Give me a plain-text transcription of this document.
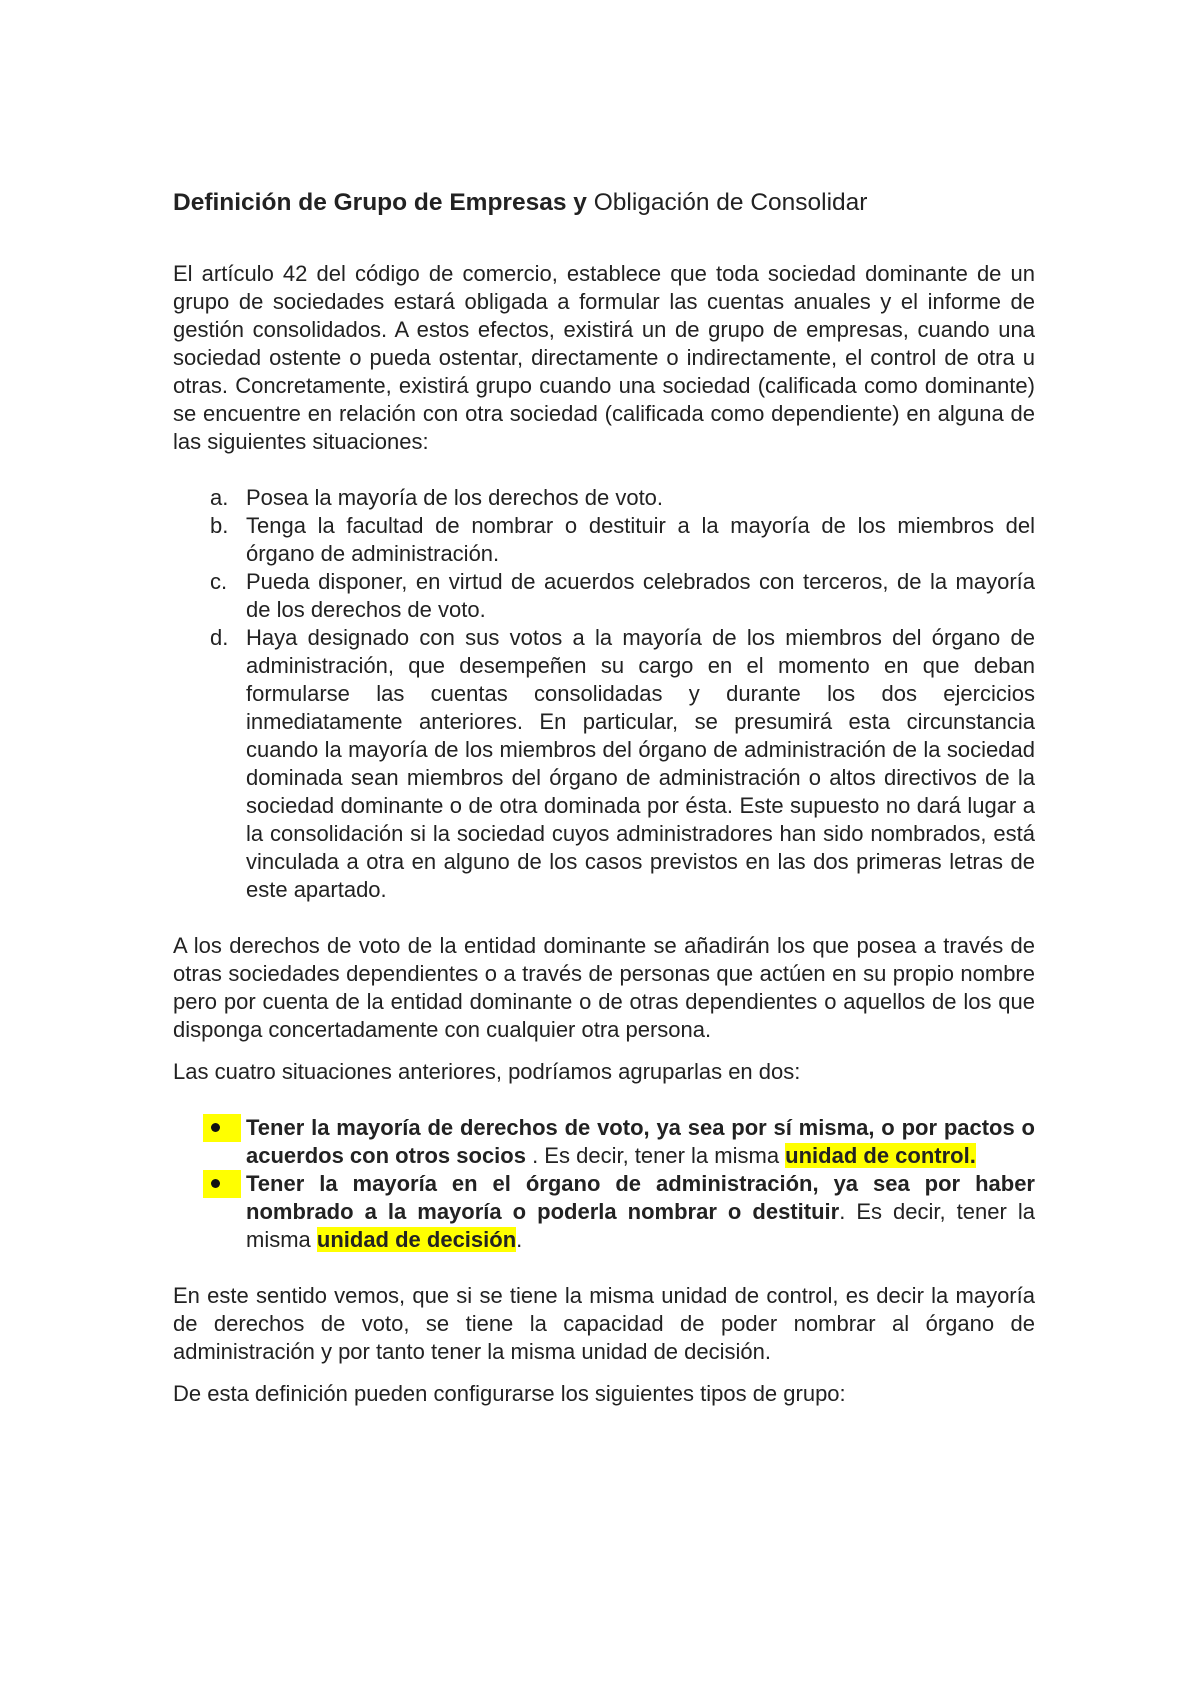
Definición de Grupo de Empresas y Obligación de Consolidar

El artículo 42 del código de comercio, establece que toda sociedad dominante de un grupo de sociedades estará obligada a formular las cuentas anuales y el informe de gestión consolidados. A estos efectos, existirá un de grupo de empresas, cuando una sociedad ostente o pueda ostentar, directamente o indirectamente, el control de otra u otras. Concretamente, existirá grupo cuando una sociedad (calificada como dominante) se encuentre en relación con otra sociedad (calificada como dependiente) en alguna de las siguientes situaciones:

a. Posea la mayoría de los derechos de voto.
b. Tenga la facultad de nombrar o destituir a la mayoría de los miembros del órgano de administración.
c. Pueda disponer, en virtud de acuerdos celebrados con terceros, de la mayoría de los derechos de voto.
d. Haya designado con sus votos a la mayoría de los miembros del órgano de administración, que desempeñen su cargo en el momento en que deban formularse las cuentas consolidadas y durante los dos ejercicios inmediatamente anteriores. En particular, se presumirá esta circunstancia cuando la mayoría de los miembros del órgano de administración de la sociedad dominada sean miembros del órgano de administración o altos directivos de la sociedad dominante o de otra dominada por ésta. Este supuesto no dará lugar a la consolidación si la sociedad cuyos administradores han sido nombrados, está vinculada a otra en alguno de los casos previstos en las dos primeras letras de este apartado.

A los derechos de voto de la entidad dominante se añadirán los que posea a través de otras sociedades dependientes o a través de personas que actúen en su propio nombre pero por cuenta de la entidad dominante o de otras dependientes o aquellos de los que disponga concertadamente con cualquier otra persona.

Las cuatro situaciones anteriores, podríamos agruparlas en dos:

Tener la mayoría de derechos de voto, ya sea por sí misma, o por pactos o acuerdos con otros socios . Es decir, tener la misma unidad de control.
Tener la mayoría en el órgano de administración, ya sea por haber nombrado a la mayoría o poderla nombrar o destituir. Es decir, tener la misma unidad de decisión.

En este sentido vemos, que si se tiene la misma unidad de control, es decir la mayoría de derechos de voto, se tiene la capacidad de poder nombrar al órgano de administración y por tanto tener la misma unidad de decisión.

De esta definición pueden configurarse los siguientes tipos de grupo:
